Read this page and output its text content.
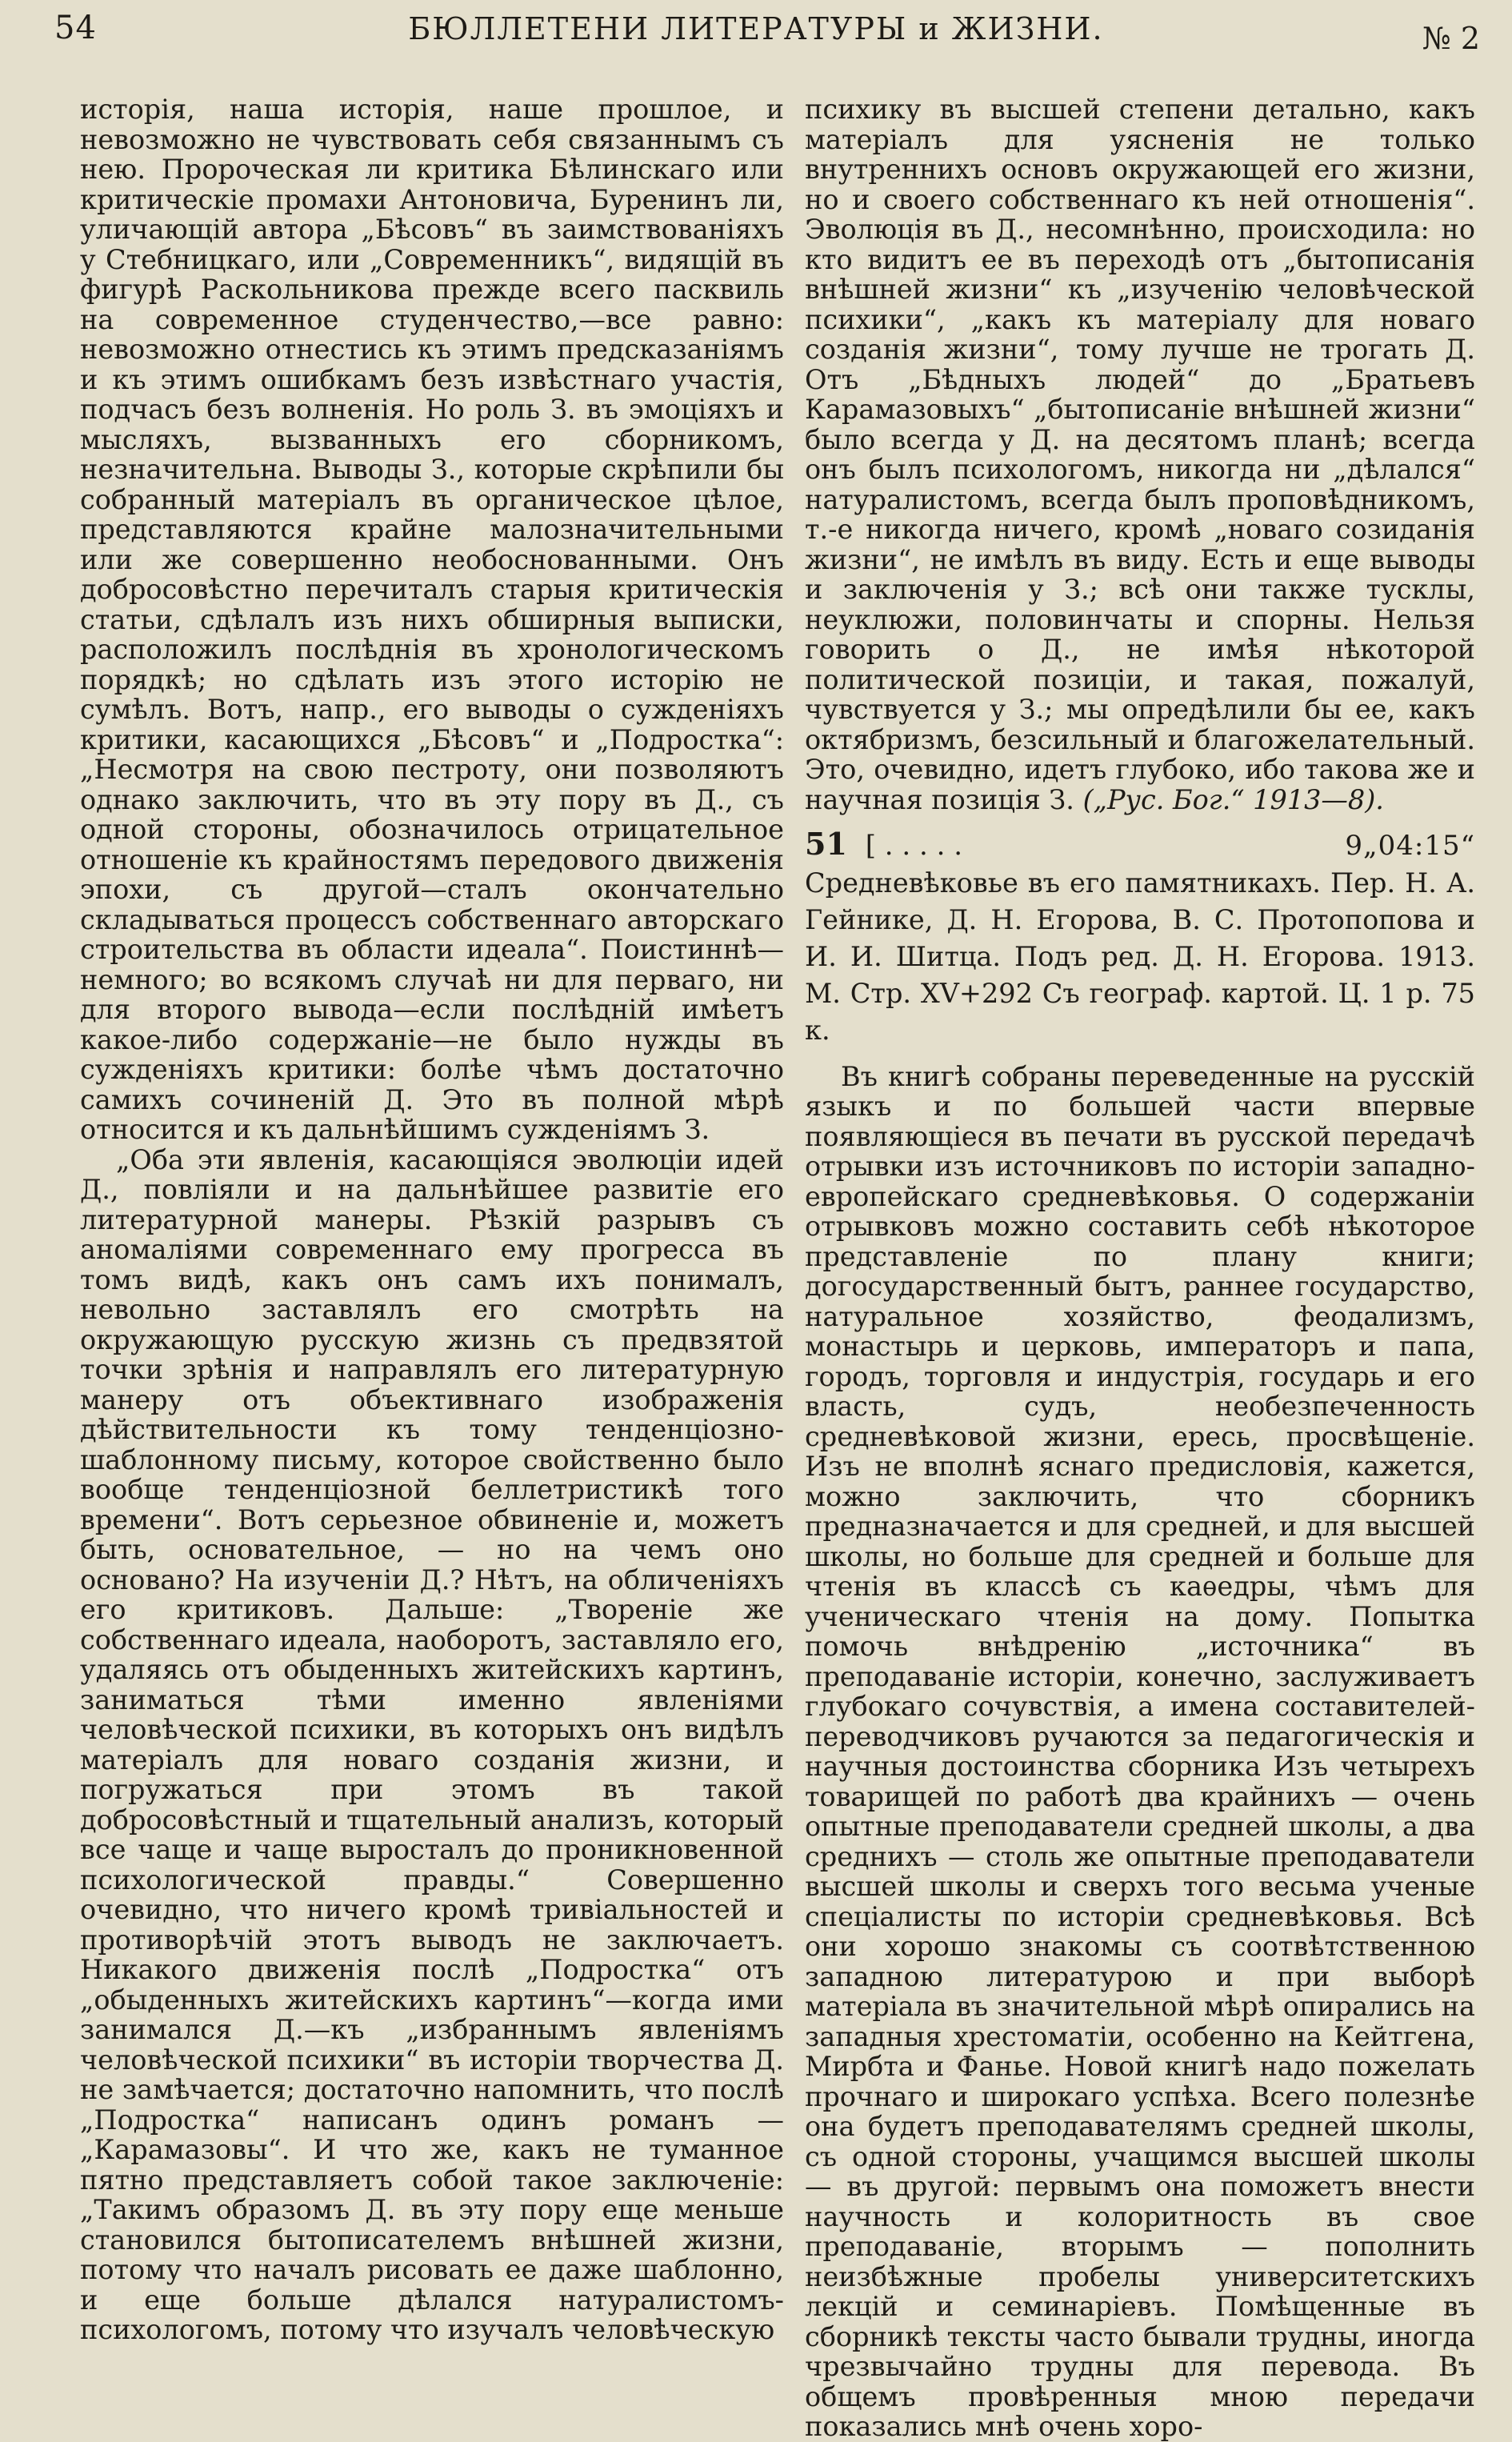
54	БЮЛЛЕТЕНИ ЛИТЕРАТУРЫ и ЖИЗНИ.	№ 2

исторія, наша исторія, наше прошлое, и невозможно не чувствовать себя связаннымъ съ нею. Пророческая ли критика Бѣлинскаго или критическіе промахи Антоновича, Буренинъ ли, уличающій автора „Бѣсовъ“ въ заимствованіяхъ у Стебницкаго, или „Современникъ“, видящій въ фигурѣ Раскольникова прежде всего пасквиль на современное студенчество,—все равно: невозможно отнестись къ этимъ предсказаніямъ и къ этимъ ошибкамъ безъ извѣстнаго участія, подчасъ безъ волненія. Но роль З. въ эмоціяхъ и мысляхъ, вызванныхъ его сборникомъ, незначительна. Выводы З., которые скрѣпили бы собранный матеріалъ въ органическое цѣлое, представляются крайне малозначительными или же совершенно необоснованными. Онъ добросовѣстно перечиталъ старыя критическія статьи, сдѣлалъ изъ нихъ обширныя выписки, расположилъ послѣднія въ хронологическомъ порядкѣ; но сдѣлать изъ этого исторію не сумѣлъ. Вотъ, напр., его выводы о сужденіяхъ критики, касающихся „Бѣсовъ“ и „Подростка“: „Несмотря на свою пестроту, они позволяютъ однако заключить, что въ эту пору въ Д., съ одной стороны, обозначилось отрицательное отношеніе къ крайностямъ передового движенія эпохи, съ другой—сталъ окончательно складываться процессъ собственнаго авторскаго строительства въ области идеала“. Поистиннѣ—немного; во всякомъ случаѣ ни для перваго, ни для второго вывода—если послѣдній имѣетъ какое-либо содержаніе—не было нужды въ сужденіяхъ критики: болѣе чѣмъ достаточно самихъ сочиненій Д. Это въ полной мѣрѣ относится и къ дальнѣйшимъ сужденіямъ З.

„Оба эти явленія, касающіяся эволюціи идей Д., повліяли и на дальнѣйшее развитіе его литературной манеры. Рѣзкій разрывъ съ аномаліями современнаго ему прогресса въ томъ видѣ, какъ онъ самъ ихъ понималъ, невольно заставлялъ его смотрѣть на окружающую русскую жизнь съ предвзятой точки зрѣнія и направлялъ его литературную манеру отъ объективнаго изображенія дѣйствительности къ тому тенденціозно-шаблонному письму, которое свойственно было вообще тенденціозной беллетристикѣ того времени“. Вотъ серьезное обвиненіе и, можетъ быть, основательное, — но на чемъ оно основано? На изученіи Д.? Нѣтъ, на обличеніяхъ его критиковъ. Дальше: „Твореніе же собственнаго идеала, наоборотъ, заставляло его, удаляясь отъ обыденныхъ житейскихъ картинъ, заниматься тѣми именно явленіями человѣческой психики, въ которыхъ онъ видѣлъ матеріалъ для новаго созданія жизни, и погружаться при этомъ въ такой добросовѣстный и тщательный анализъ, который все чаще и чаще выросталъ до проникновенной психологической правды.“ Совершенно очевидно, что ничего кромѣ тривіальностей и противорѣчій этотъ выводъ не заключаетъ. Никакого движенія послѣ „Подростка“ отъ „обыденныхъ житейскихъ картинъ“—когда ими занимался Д.—къ „избраннымъ явленіямъ человѣческой психики“ въ исторіи творчества Д. не замѣчается; достаточно напомнить, что послѣ „Подростка“ написанъ одинъ романъ — „Карамазовы“. И что же, какъ не туманное пятно представляетъ собой такое заключеніе: „Такимъ образомъ Д. въ эту пору еще меньше становился бытописателемъ внѣшней жизни, потому что началъ рисовать ее даже шаблонно, и еще больше дѣлался натуралистомъ-психологомъ, потому что изучалъ человѣческую

психику въ высшей степени детально, какъ матеріалъ для уясненія не только внутреннихъ основъ окружающей его жизни, но и своего собственнаго къ ней отношенія“. Эволюція въ Д., несомнѣнно, происходила: но кто видитъ ее въ переходѣ отъ „бытописанія внѣшней жизни“ къ „изученію человѣческой психики“, „какъ къ матеріалу для новаго созданія жизни“, тому лучше не трогать Д. Отъ „Бѣдныхъ людей“ до „Братьевъ Карамазовыхъ“ „бытописаніе внѣшней жизни“ было всегда у Д. на десятомъ планѣ; всегда онъ былъ психологомъ, никогда ни „дѣлался“ натуралистомъ, всегда былъ проповѣдникомъ, т.-е никогда ничего, кромѣ „новаго созиданія жизни“, не имѣлъ въ виду. Есть и еще выводы и заключенія у З.; всѣ они также тусклы, неуклюжи, половинчаты и спорны. Нельзя говорить о Д., не имѣя нѣкоторой политической позиціи, и такая, пожалуй, чувствуется у З.; мы опредѣлили бы ее, какъ октябризмъ, безсильный и благожелательный. Это, очевидно, идетъ глубоко, ибо такова же и научная позиція З. („Рус. Бог.“ 1913—8).

51 [ . . . . .	9„04:15“

Средневѣковье въ его памятникахъ. Пер. Н. А. Гейнике, Д. Н. Егорова, В. С. Протопопова и И. И. Шитца. Подъ ред. Д. Н. Егорова. 1913. М. Стр. XV+292 Съ географ. картой. Ц. 1 р. 75 к.

Въ книгѣ собраны переведенные на русскій языкъ и по большей части впервые появляющіеся въ печати въ русской передачѣ отрывки изъ источниковъ по исторіи западно-европейскаго средневѣковья. О содержаніи отрывковъ можно составить себѣ нѣкоторое представленіе по плану книги; догосударственный бытъ, раннее государство, натуральное хозяйство, феодализмъ, монастырь и церковь, императоръ и папа, городъ, торговля и индустрія, государь и его власть, судъ, необезпеченность средневѣковой жизни, ересь, просвѣщеніе. Изъ не вполнѣ яснаго предисловія, кажется, можно заключить, что сборникъ предназначается и для средней, и для высшей школы, но больше для средней и больше для чтенія въ классѣ съ каѳедры, чѣмъ для ученическаго чтенія на дому. Попытка помочь внѣдренію „источника“ въ преподаваніе исторіи, конечно, заслуживаетъ глубокаго сочувствія, а имена составителей-переводчиковъ ручаются за педагогическія и научныя достоинства сборника Изъ четырехъ товарищей по работѣ два крайнихъ — очень опытные преподаватели средней школы, а два среднихъ — столь же опытные преподаватели высшей школы и сверхъ того весьма ученые спеціалисты по исторіи средневѣковья. Всѣ они хорошо знакомы съ соотвѣтственною западною литературою и при выборѣ матеріала въ значительной мѣрѣ опирались на западныя хрестоматіи, особенно на Кейтгена, Мирбта и Фанье. Новой книгѣ надо пожелать прочнаго и широкаго успѣха. Всего полезнѣе она будетъ преподавателямъ средней школы, съ одной стороны, учащимся высшей школы — въ другой: первымъ она поможетъ внести научность и колоритность въ свое преподаваніе, вторымъ — пополнить неизбѣжные пробелы университетскихъ лекцій и семинаріевъ. Помѣщенные въ сборникѣ тексты часто бывали трудны, иногда чрезвычайно трудны для перевода. Въ общемъ провѣренныя мною передачи показались мнѣ очень хоро-
